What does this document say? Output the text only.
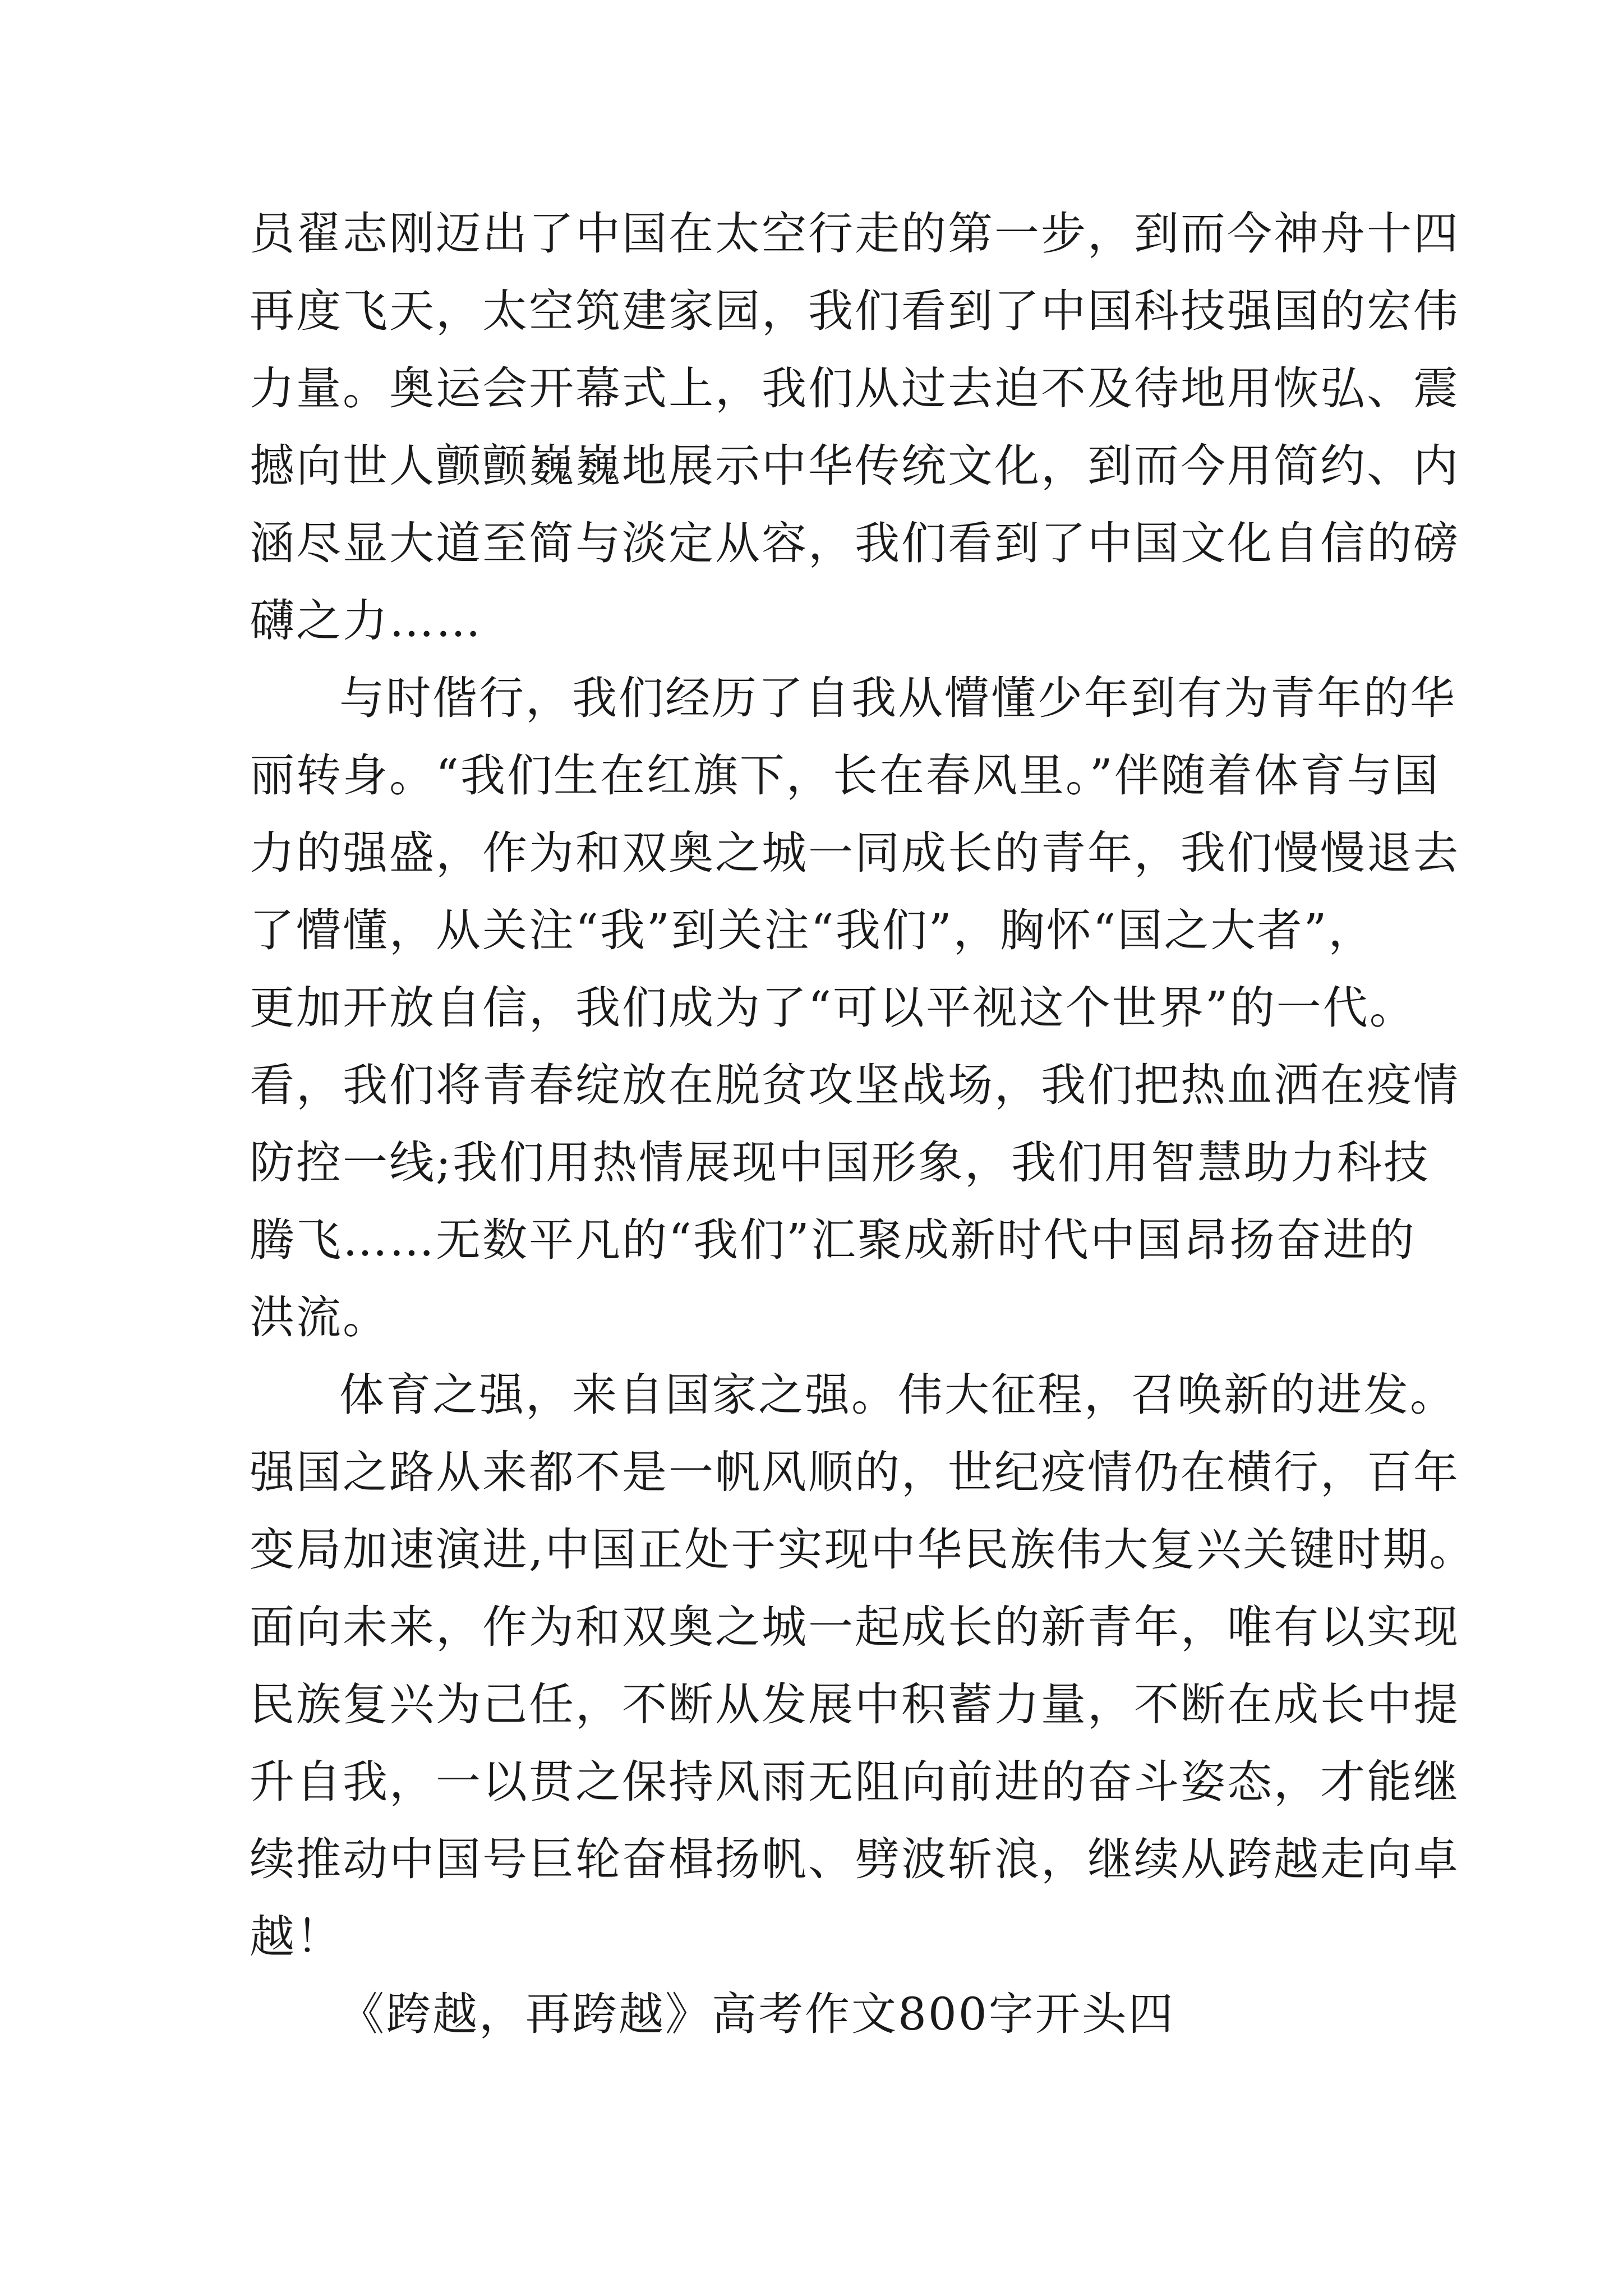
员翟志刚迈出了中国在太空行走的第一步，到而今神舟十四
再度飞天，太空筑建家园，我们看到了中国科技强国的宏伟
力量。奥运会开幕式上，我们从过去迫不及待地用恢弘、震
撼向世人颤颤巍巍地展示中华传统文化，到而今用简约、内
涵尽显大道至简与淡定从容，我们看到了中国文化自信的磅
礴之力……
与时偕行，我们经历了自我从懵懂少年到有为青年的华
丽转身。“我们生在红旗下，长在春风里。”伴随着体育与国
力的强盛，作为和双奥之城一同成长的青年，我们慢慢退去
了懵懂，从关注“我”到关注“我们”，胸怀“国之大者”，
更加开放自信，我们成为了“可以平视这个世界”的一代。
看，我们将青春绽放在脱贫攻坚战场，我们把热血洒在疫情
防控一线;我们用热情展现中国形象，我们用智慧助力科技
腾飞……无数平凡的“我们”汇聚成新时代中国昂扬奋进的
洪流。
体育之强，来自国家之强。伟大征程，召唤新的进发。
强国之路从来都不是一帆风顺的，世纪疫情仍在横行，百年
变局加速演进,中国正处于实现中华民族伟大复兴关键时期。
面向未来，作为和双奥之城一起成长的新青年，唯有以实现
民族复兴为己任，不断从发展中积蓄力量，不断在成长中提
升自我，一以贯之保持风雨无阻向前进的奋斗姿态，才能继
续推动中国号巨轮奋楫扬帆、劈波斩浪，继续从跨越走向卓
越！
《跨越，再跨越》高考作文800字开头四
